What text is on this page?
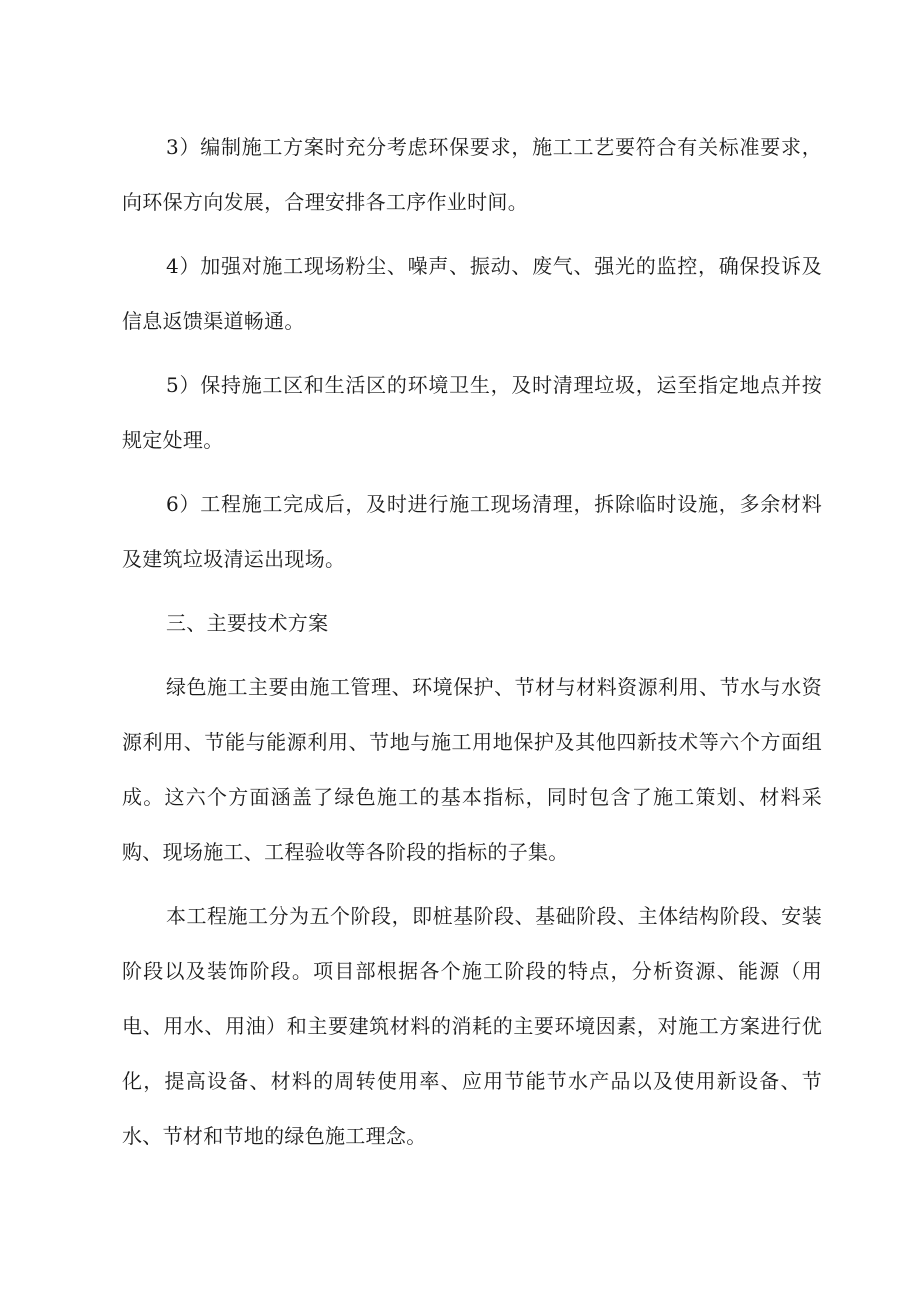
3）编制施工方案时充分考虑环保要求，施工工艺要符合有关标准要求，向环保方向发展，合理安排各工序作业时间。

4）加强对施工现场粉尘、噪声、振动、废气、强光的监控，确保投诉及信息返馈渠道畅通。

5）保持施工区和生活区的环境卫生，及时清理垃圾，运至指定地点并按规定处理。

6）工程施工完成后，及时进行施工现场清理，拆除临时设施，多余材料及建筑垃圾清运出现场。

三、主要技术方案

绿色施工主要由施工管理、环境保护、节材与材料资源利用、节水与水资源利用、节能与能源利用、节地与施工用地保护及其他四新技术等六个方面组成。这六个方面涵盖了绿色施工的基本指标，同时包含了施工策划、材料采购、现场施工、工程验收等各阶段的指标的子集。

本工程施工分为五个阶段，即桩基阶段、基础阶段、主体结构阶段、安装阶段以及装饰阶段。项目部根据各个施工阶段的特点，分析资源、能源（用电、用水、用油）和主要建筑材料的消耗的主要环境因素，对施工方案进行优化，提高设备、材料的周转使用率、应用节能节水产品以及使用新设备、节水、节材和节地的绿色施工理念。
